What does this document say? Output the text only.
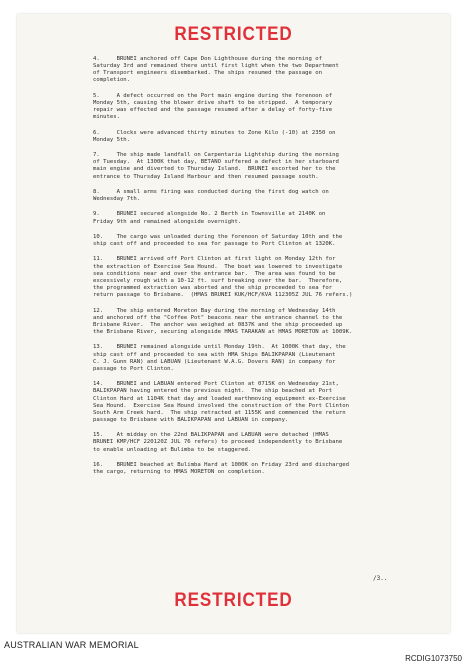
RESTRICTED

4.     BRUNEI anchored off Cape Don Lighthouse during the morning of
Saturday 3rd and remained there until first light when the two Department
of Transport engineers disembarked. The ships resumed the passage on
completion.

5.     A defect occurred on the Port main engine during the forenoon of
Monday 5th, causing the blower drive shaft to be stripped.  A temporary
repair was effected and the passage resumed after a delay of forty-five
minutes.

6.     Clocks were advanced thirty minutes to Zone Kilo (-10) at 2350 on
Monday 5th.

7.     The ship made landfall on Carpentaria Lightship during the morning
of Tuesday.  At 1300K that day, BETANO suffered a defect in her starboard
main engine and diverted to Thursday Island.  BRUNEI escorted her to the
entrance to Thursday Island Harbour and then resumed passage south.

8.     A small arms firing was conducted during the first dog watch on
Wednesday 7th.

9.     BRUNEI secured alongside No. 2 Berth in Townsville at 2140K on
Friday 9th and remained alongside overnight.

10.    The cargo was unloaded during the forenoon of Saturday 10th and the
ship cast off and proceeded to sea for passage to Port Clinton at 1320K.

11.    BRUNEI arrived off Port Clinton at first light on Monday 12th for
the extraction of Exercise Sea Hound.  The boat was lowered to investigate
sea conditions near and over the entrance bar.  The area was found to be
excessively rough with a 10-12 ft. surf breaking over the bar.  Therefore,
the programmed extraction was aborted and the ship proceeded to sea for
return passage to Brisbane.  (HMAS BRUNEI KUK/HCF/KVA 112305Z JUL 76 refers.)

12.    The ship entered Moreton Bay during the morning of Wednesday 14th
and anchored off the "Coffee Pot" beacons near the entrance channel to the
Brisbane River.  The anchor was weighed at 0837K and the ship proceeded up
the Brisbane River, securing alongside HMAS TARAKAN at HMAS MORETON at 1009K.

13.    BRUNEI remained alongside until Monday 19th.  At 1000K that day, the
ship cast off and proceeded to sea with HMA Ships BALIKPAPAN (Lieutenant
C. J. Gunn RAN) and LABUAN (Lieutenant W.A.G. Dovers RAN) in company for
passage to Port Clinton.

14.    BRUNEI and LABUAN entered Port Clinton at 0715K on Wednesday 21st,
BALIKPAPAN having entered the previous night.  The ship beached at Port
Clinton Hard at 1104K that day and loaded earthmoving equipment ex-Exercise
Sea Hound.  Exercise Sea Hound involved the construction of the Port Clinton
South Arm Creek hard.  The ship retracted at 1155K and commenced the return
passage to Brisbane with BALIKPAPAN and LABUAN in company.

15.    At midday on the 22nd BALIKPAPAN and LABUAN were detached (HMAS
BRUNEI KMP/HCF 220120Z JUL 76 refers) to proceed independently to Brisbane
to enable unloading at Bulimba to be staggered.

16.    BRUNEI beached at Bulimba Hard at 1000K on Friday 23rd and discharged
the cargo, returning to HMAS MORETON on completion.

/3..
RESTRICTED
AUSTRALIAN WAR MEMORIAL
RCDIG1073750
